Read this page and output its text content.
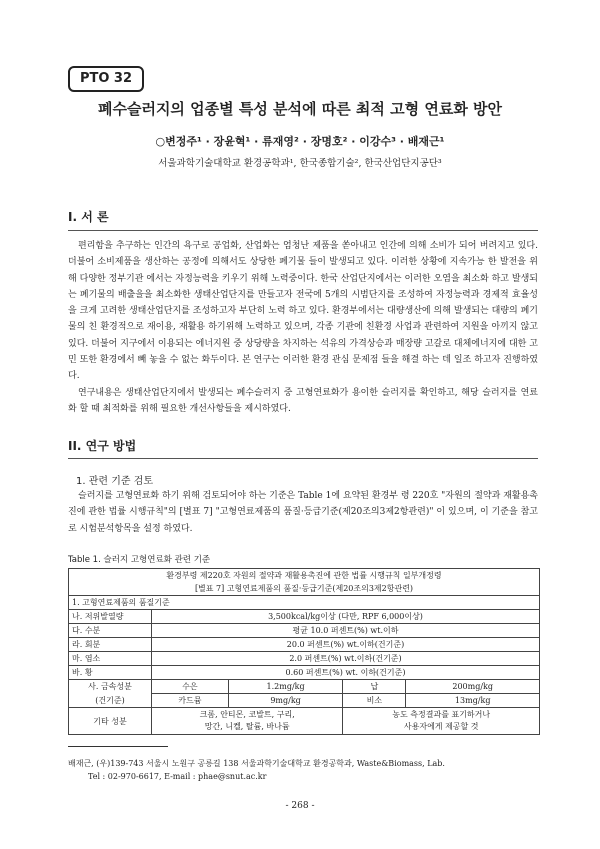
PTO 32
폐수슬러지의 업종별 특성 분석에 따른 최적 고형 연료화 방안
○변정주¹ · 장윤혁¹ · 류재영² · 장명호² · 이강수³ · 배재근¹
서울과학기술대학교 환경공학과¹, 한국종합기술², 한국산업단지공단³
I. 서 론

편리함을 추구하는 인간의 욕구로 공업화, 산업화는 엄청난 제품을 쏟아내고 인간에 의해 소비가 되어 버려지고 있다. 더불어 소비제품을 생산하는 공정에 의해서도 상당한 폐기물 들이 발생되고 있다. 이러한 상황에 지속가능 한 발전을 위해 다양한 정부기관 에서는 자정능력을 키우기 위해 노력중이다. 한국 산업단지에서는 이러한 오염을 최소화 하고 발생되는 폐기물의 배출을을 최소화한 생태산업단지를 만들고자 전국에 5개의 시범단지를 조성하여 자정능력과 경제적 효율성을 크게 고려한 생태산업단지를 조성하고자 부단히 노력 하고 있다. 환경부에서는 대량생산에 의해 발생되는 대량의 폐기물의 친 환경적으로 재이용, 재활용 하기위해 노력하고 있으며, 각종 기관에 친환경 사업과 관련하여 지원을 아끼지 않고 있다. 더불어 지구에서 이용되는 에너지원 중 상당량을 차지하는 석유의 가격상승과 매장량 고갈로 대체에너지에 대한 고민 또한 환경에서 빼 놓을 수 없는 화두이다. 본 연구는 이러한 환경 관심 문제점 들을 해결 하는 데 일조 하고자 진행하였다.

연구내용은 생태산업단지에서 발생되는 폐수슬러지 중 고형연료화가 용이한 슬러지를 확인하고, 해당 슬러지를 연료화 할 때 최적화를 위해 필요한 개선사항들을 제시하였다.

II. 연구 방법
1. 관련 기준 검토

슬러지를 고형연료화 하기 위해 검토되어야 하는 기준은 Table 1에 요약된 환경부 령 220호 "자원의 절약과 재활용촉진에 관한 법률 시행규칙"의 [별표 7] "고형연료제품의 품질·등급기준(제20조의3제2항관련)" 이 있으며, 이 기준을 참고로 시험분석항목을 설정 하였다.

Table 1. 슬러지 고형연료화 관련 기준
환경부령 제220호 자원의 절약과 재활용촉진에 관한 법률 시행규칙 일부개정령				
[별표 7] 고형연료제품의 품질·등급기준(제20조의3제2항관련)				
1. 고형연료제품의 품질기준				
나. 저위발열량	3,500kcal/kg이상 (다만, RPF 6,000이상)			
다. 수분	평균 10.0 퍼센트(%) wt.이하			
라. 회분	20.0 퍼센트(%) wt.이하(건기준)			
마. 염소	2.0 퍼센트(%) wt.이하(건기준)			
바. 황	0.60 퍼센트(%) wt. 이하(건기준)			
사. 금속성분	수은	1.2mg/kg	납	200mg/kg
(건기준)	카드뮴	9mg/kg	비소	13mg/kg
기타 성분	크롬, 안티몬, 코발트, 구리,
망간, 니켈, 탈륨, 바나듐		농도 측정결과를 표기하거나
사용자에게 제공할 것	
배재근, (우)139-743 서울시 노원구 공릉길 138 서울과학기술대학교 환경공학과, Waste&Biomass, Lab.
Tel : 02-970-6617, E-mail : phae@snut.ac.kr
- 268 -
